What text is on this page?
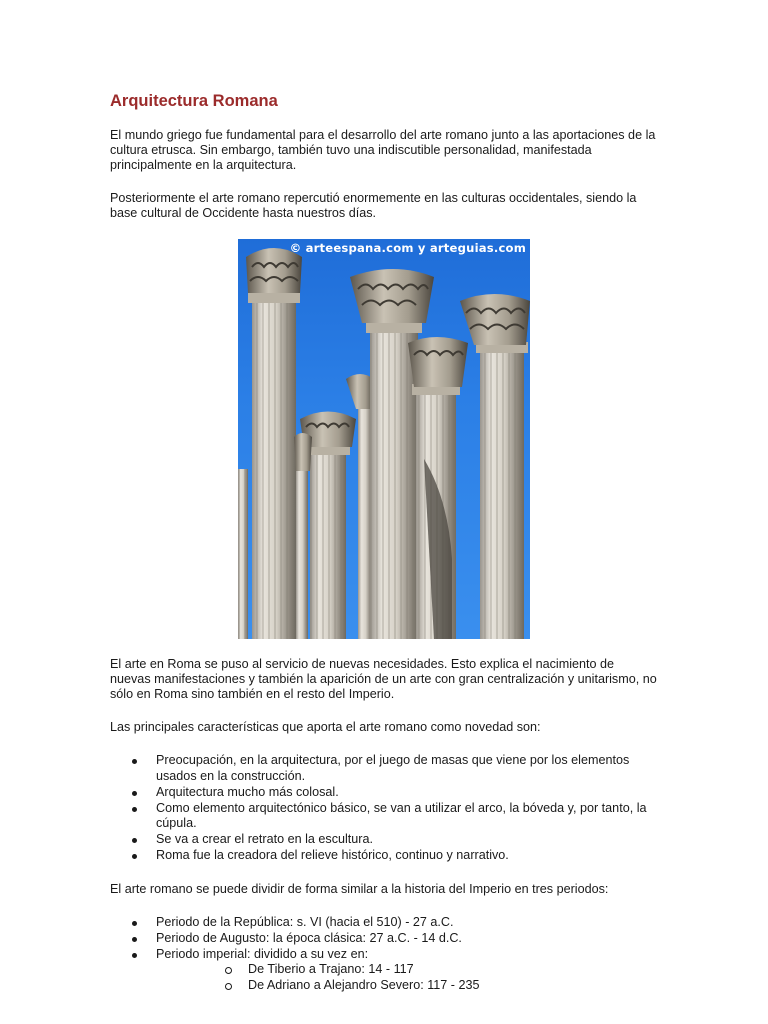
Arquitectura Romana

El mundo griego fue fundamental para el desarrollo del arte romano junto a las aportaciones de la cultura etrusca. Sin embargo, también tuvo una indiscutible personalidad, manifestada principalmente en la arquitectura.

Posteriormente el arte romano repercutió enormemente en las culturas occidentales, siendo la base cultural de Occidente hasta nuestros días.

© arteespana.com y arteguias.com

El arte en Roma se puso al servicio de nuevas necesidades. Esto explica el nacimiento de nuevas manifestaciones y también la aparición de un arte con gran centralización y unitarismo, no sólo en Roma sino también en el resto del Imperio.

Las principales características que aporta el arte romano como novedad son:

Preocupación, en la arquitectura, por el juego de masas que viene por los elementos usados en la construcción.
Arquitectura mucho más colosal.
Como elemento arquitectónico básico, se van a utilizar el arco, la bóveda y, por tanto, la cúpula.
Se va a crear el retrato en la escultura.
Roma fue la creadora del relieve histórico, continuo y narrativo.

El arte romano se puede dividir de forma similar a la historia del Imperio en tres periodos:

Periodo de la República: s. VI (hacia el 510) - 27 a.C.
Periodo de Augusto: la época clásica: 27 a.C. - 14 d.C.
Periodo imperial: dividido a su vez en:
De Tiberio a Trajano: 14 - 117
De Adriano a Alejandro Severo: 117 - 235
